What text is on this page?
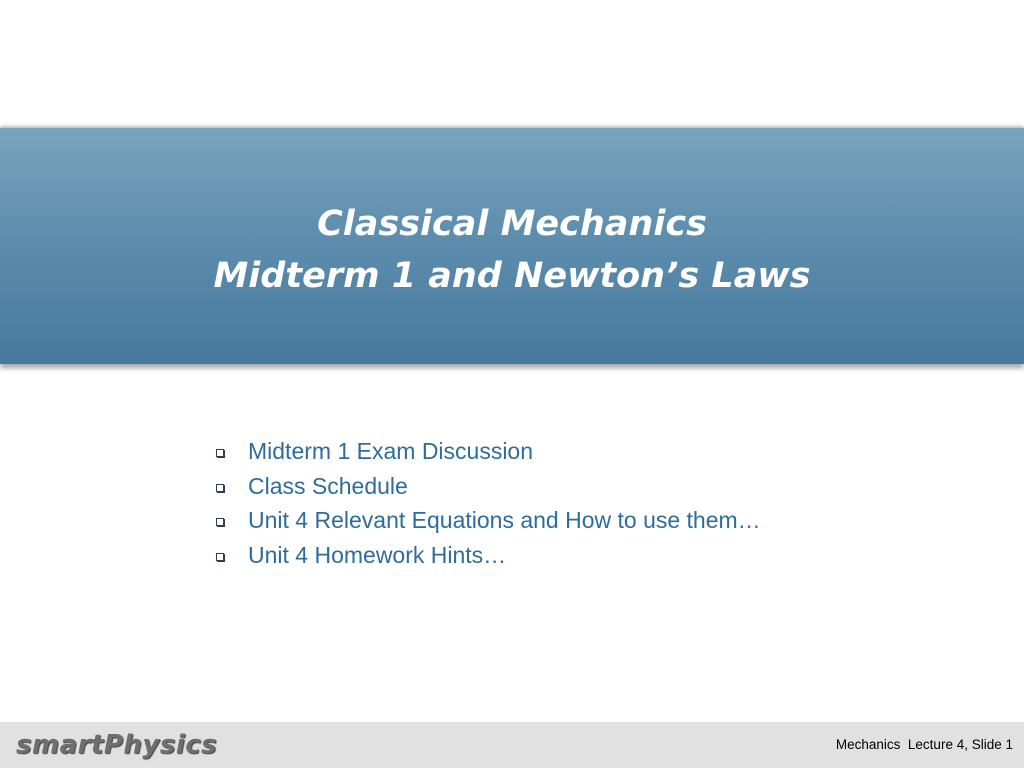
Classical Mechanics
Midterm 1 and Newton’s Laws
Midterm 1 Exam Discussion
Class Schedule
Unit 4 Relevant Equations and How to use them…
Unit 4 Homework Hints…
smartPhysics	Mechanics  Lecture 4, Slide 1
